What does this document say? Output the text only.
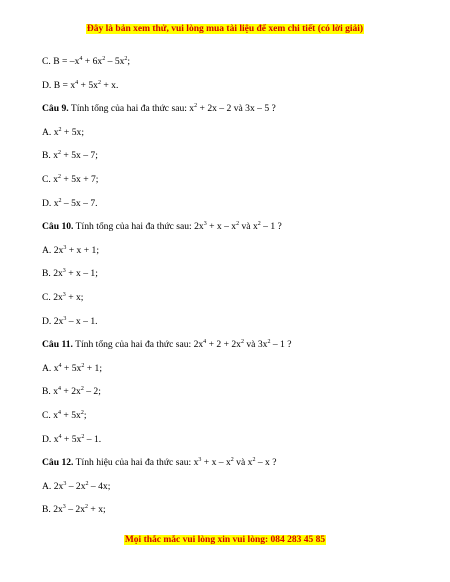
Đây là bản xem thử, vui lòng mua tài liệu để xem chi tiết (có lời giải)
C. $B = -x^4 + 6x^2 - 5x^2$;
D. $B = x^4 + 5x^2 + x$.
Câu 9. Tính tổng của hai đa thức sau: $x^2 + 2x - 2$ và 3x – 5 ?
A. $x^2 + 5x$;
B. $x^2 + 5x - 7$;
C. $x^2 + 5x + 7$;
D. $x^2 - 5x - 7$.
Câu 10. Tính tổng của hai đa thức sau: $2x^3 + x - x^2$ và $x^2 - 1$ ?
A. $2x^3 + x + 1$;
B. $2x^3 + x - 1$;
C. $2x^3 + x$;
D. $2x^3$ – x – 1.
Câu 11. Tính tổng của hai đa thức sau: $2x^4 + 2 + 2x^2$ và $3x^2 - 1$ ?
A. $x^4 + 5x^2 + 1$;
B. $x^4 + 2x^2 - 2$;
C. $x^4 + 5x^2$;
D. $x^4 + 5x^2 - 1$.
Câu 12. Tính hiệu của hai đa thức sau: $x^3 + x - x^2$ và $x^2$ – x ?
A. $2x^3 - 2x^2 - 4x$;
B. $2x^3 - 2x^2 + x$;
Mọi thắc mắc vui lòng xin vui lòng: 084 283 45 85
